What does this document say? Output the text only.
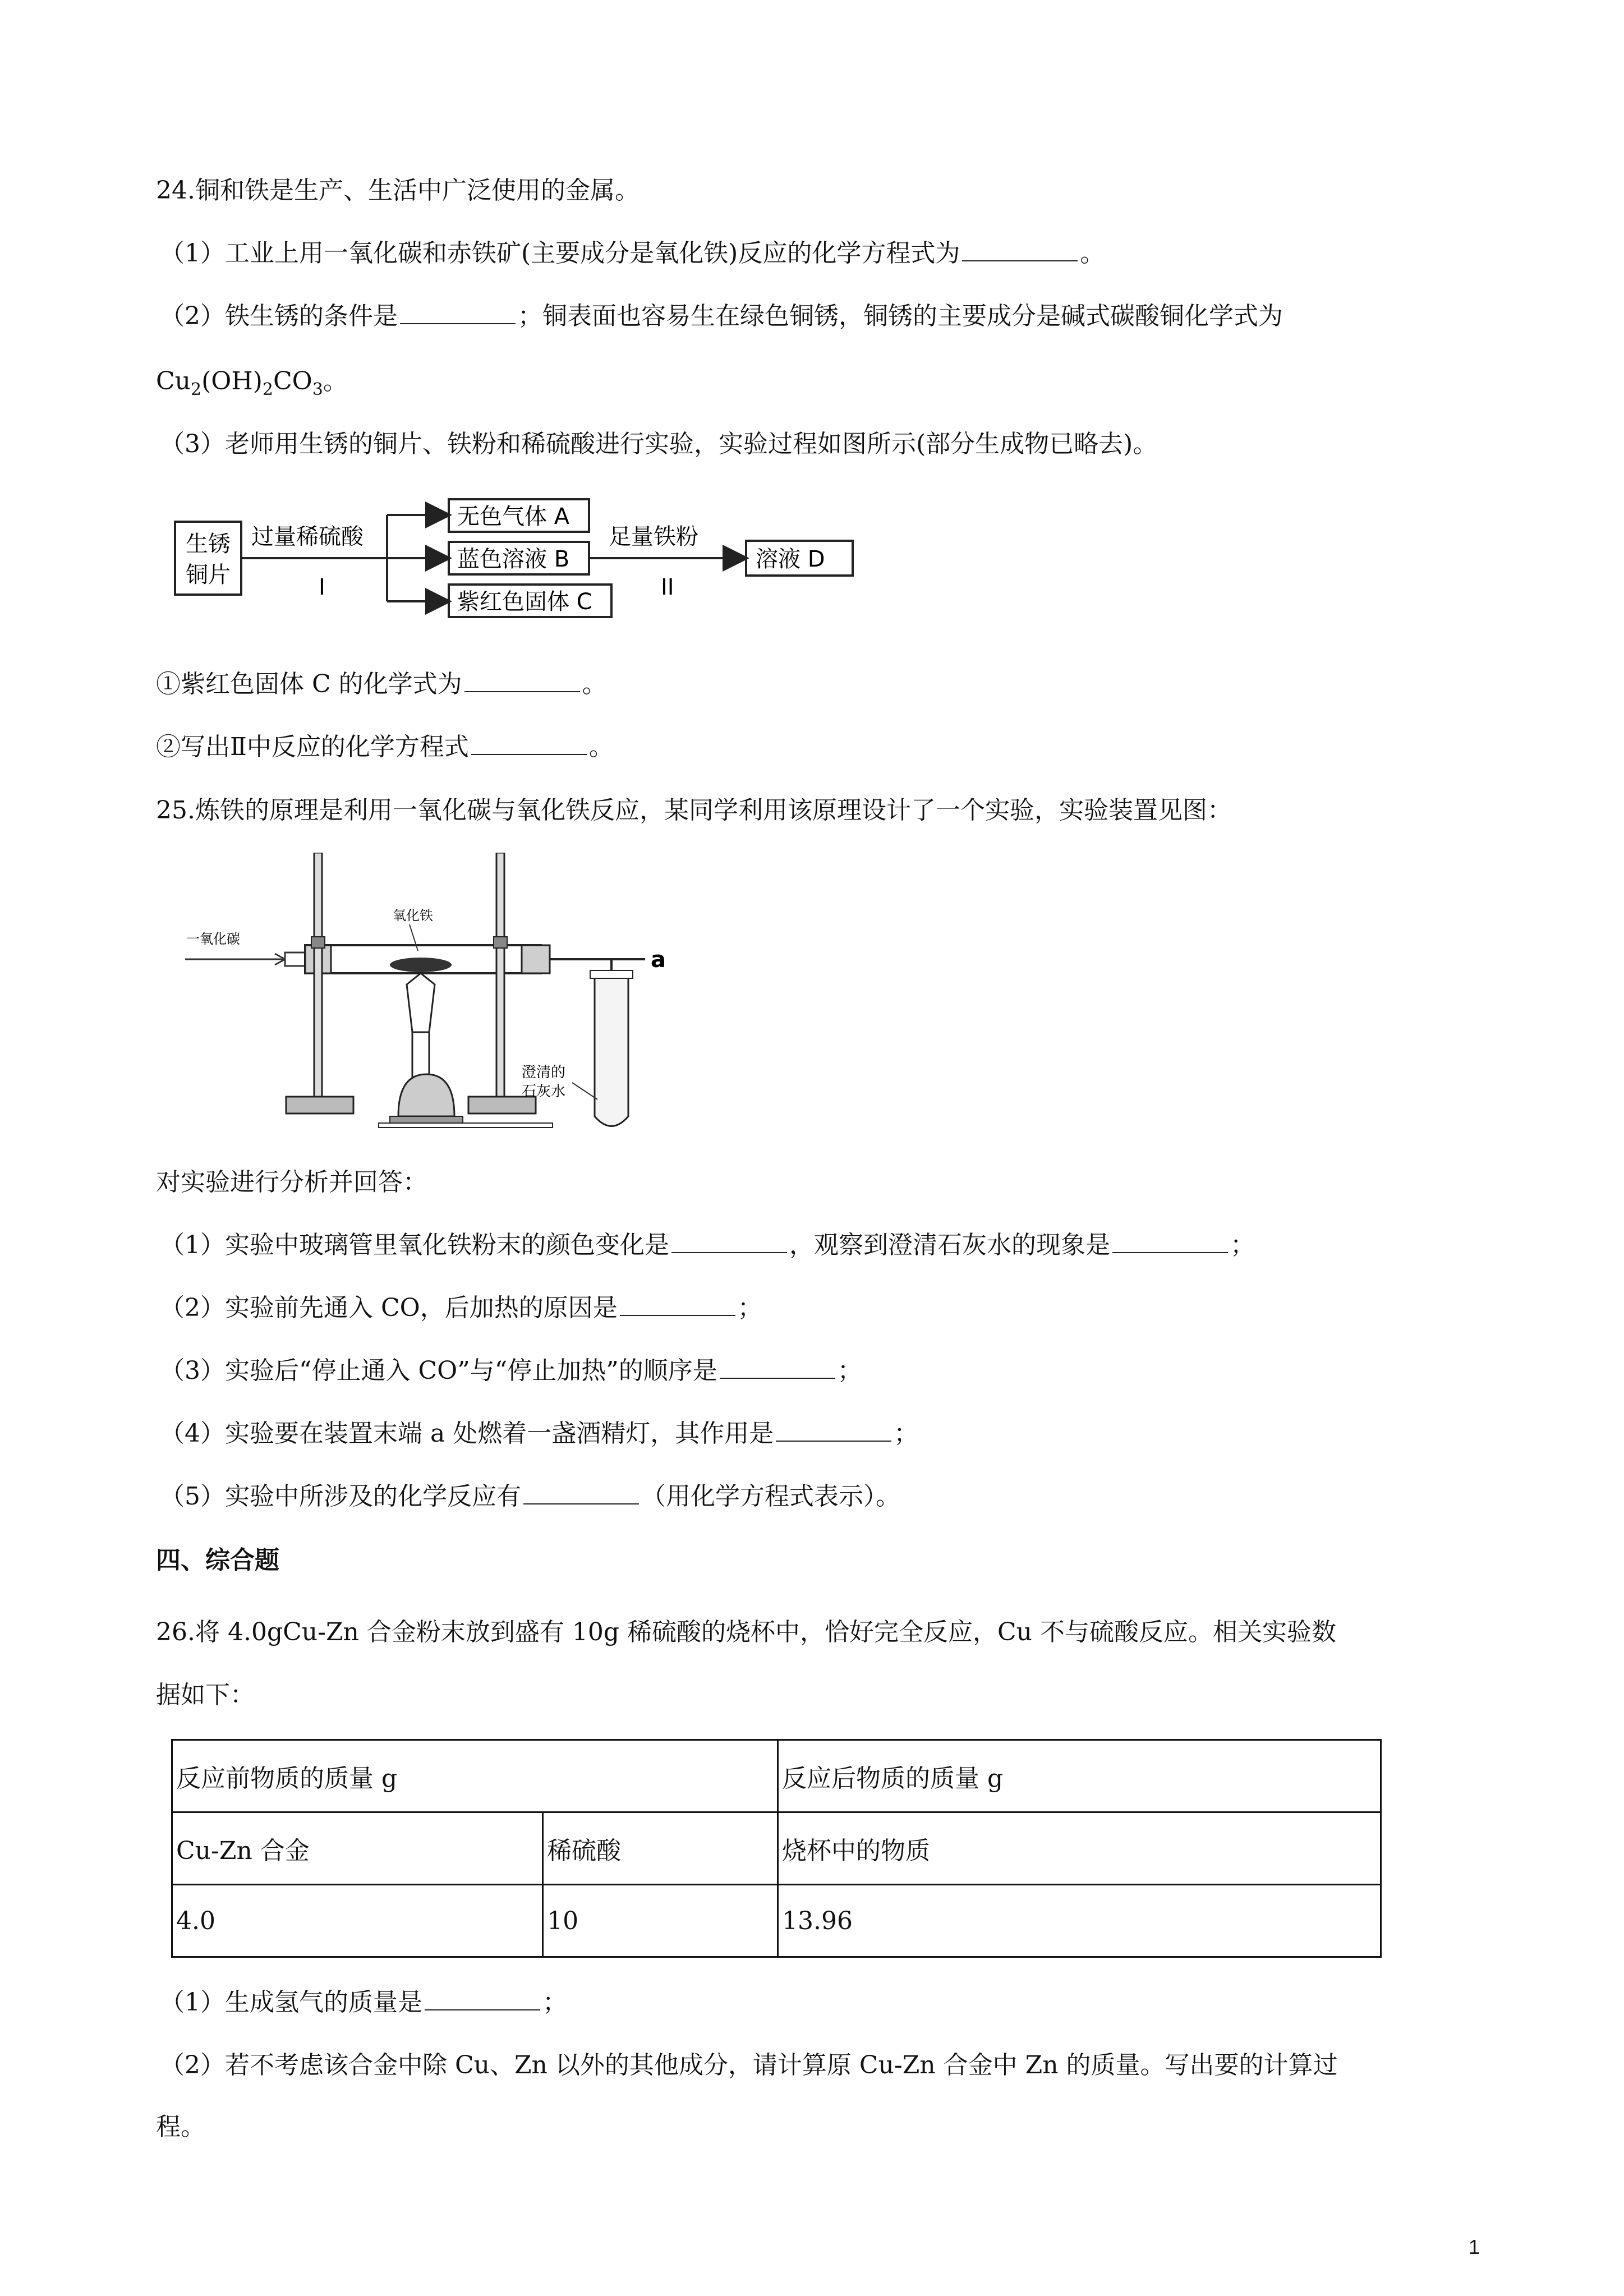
24.铜和铁是生产、生活中广泛使用的金属。
（1）工业上用一氧化碳和赤铁矿(主要成分是氧化铁)反应的化学方程式为	。
（2）铁生锈的条件是	；铜表面也容易生在绿色铜锈，铜锈的主要成分是碱式碳酸铜化学式为
$Cu_2(OH)_2CO_3$。
（3）老师用生锈的铜片、铁粉和稀硫酸进行实验，实验过程如图所示(部分生成物已略去)。
生锈
铜片
过量稀硫酸
I
无色气体 A
蓝色溶液 B
紫红色固体 C
足量铁粉
II
溶液 D
①紫红色固体 C 的化学式为	。
②写出Ⅱ中反应的化学方程式	。
25.炼铁的原理是利用一氧化碳与氧化铁反应，某同学利用该原理设计了一个实验，实验装置见图：
一氧化碳
氧化铁
a
澄清的
石灰水
对实验进行分析并回答：
（1）实验中玻璃管里氧化铁粉末的颜色变化是	，观察到澄清石灰水的现象是	；
（2）实验前先通入 CO，后加热的原因是	；
（3）实验后“停止通入 CO”与“停止加热”的顺序是	；
（4）实验要在装置末端 a 处燃着一盏酒精灯，其作用是	；
（5）实验中所涉及的化学反应有	（用化学方程式表示）。
四、综合题
26.将 4.0gCu-Zn 合金粉末放到盛有 10g 稀硫酸的烧杯中，恰好完全反应，Cu 不与硫酸反应。相关实验数
据如下：
反应前物质的质量 g		反应后物质的质量 g
Cu-Zn 合金	稀硫酸	烧杯中的物质
4.0	10	13.96
（1）生成氢气的质量是	；
（2）若不考虑该合金中除 Cu、Zn 以外的其他成分，请计算原 Cu-Zn 合金中 Zn 的质量。写出要的计算过
程。
1
